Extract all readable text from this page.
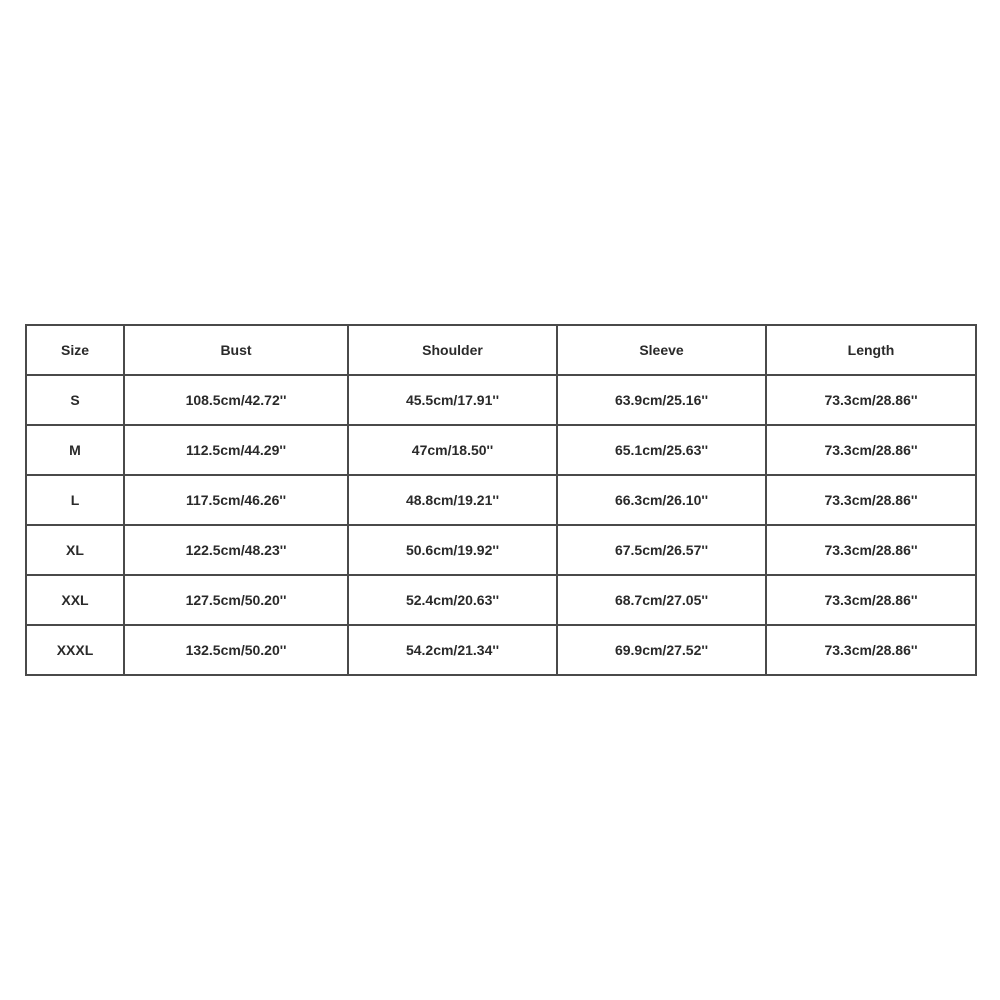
Size	Bust	Shoulder	Sleeve	Length
S	108.5cm/42.72''	45.5cm/17.91''	63.9cm/25.16''	73.3cm/28.86''
M	112.5cm/44.29''	47cm/18.50''	65.1cm/25.63''	73.3cm/28.86''
L	117.5cm/46.26''	48.8cm/19.21''	66.3cm/26.10''	73.3cm/28.86''
XL	122.5cm/48.23''	50.6cm/19.92''	67.5cm/26.57''	73.3cm/28.86''
XXL	127.5cm/50.20''	52.4cm/20.63''	68.7cm/27.05''	73.3cm/28.86''
XXXL	132.5cm/50.20''	54.2cm/21.34''	69.9cm/27.52''	73.3cm/28.86''
